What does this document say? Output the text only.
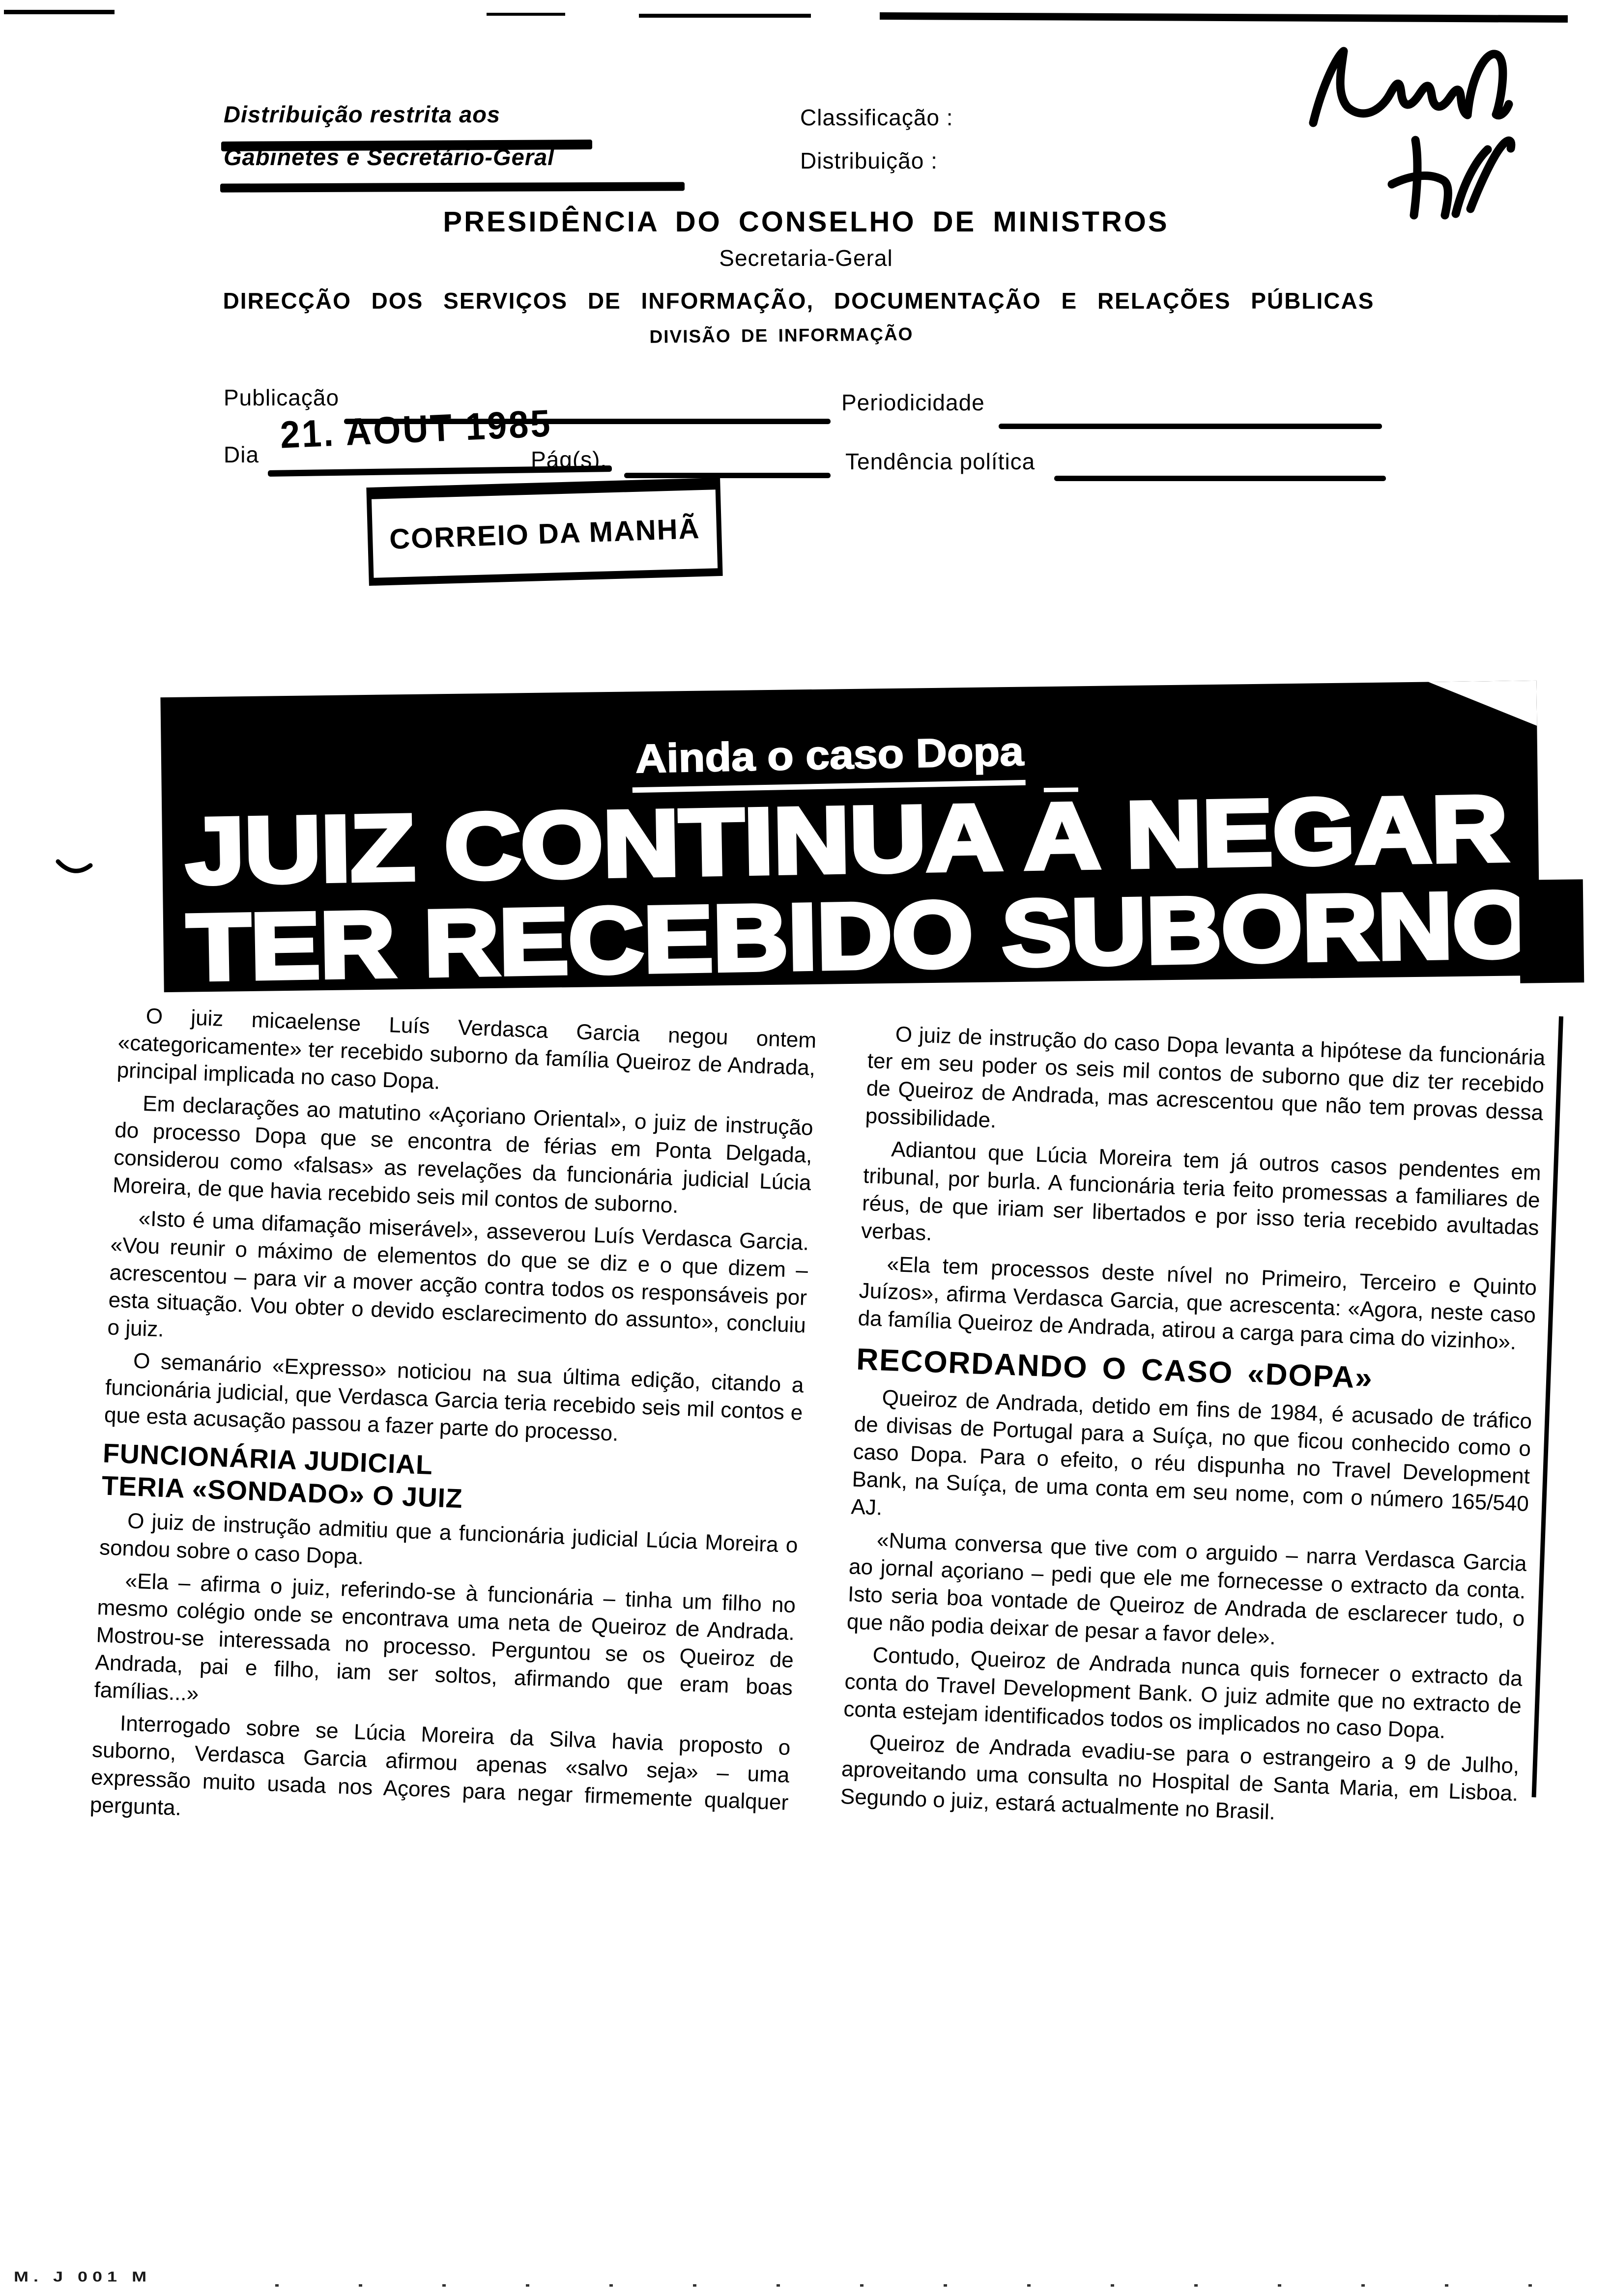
Distribuição restrita aos
Gabinetes e Secretário-Geral
Classificação :
Distribuição :
PRESIDÊNCIA DO CONSELHO DE MINISTROS
Secretaria-Geral
DIRECÇÃO DOS SERVIÇOS DE INFORMAÇÃO, DOCUMENTAÇÃO E RELAÇÕES PÚBLICAS
DIVISÃO DE INFORMAÇÃO
CORREIO DA MANHÃ
Publicação	Periodicidade
Dia 21. AOUT 1985
Pág(s).	Tendência política
Ainda o caso Dopa
JUIZ CONTINUA A NEGAR
TER RECEBIDO SUBORNO

O juiz micaelense Luís Verdasca Garcia negou ontem «categoricamente» ter recebido suborno da família Queiroz de Andrada, principal implicada no caso Dopa.

Em declarações ao matutino «Açoriano Oriental», o juiz de instrução do processo Dopa que se encontra de férias em Ponta Delgada, considerou como «falsas» as revelações da funcionária judicial Lúcia Moreira, de que havia recebido seis mil contos de suborno.

«Isto é uma difamação miserável», asseverou Luís Verdasca Garcia. «Vou reunir o máximo de elementos do que se diz e o que dizem – acrescentou – para vir a mover acção contra todos os responsáveis por esta situação. Vou obter o devido esclarecimento do assunto», concluiu o juiz.

O semanário «Expresso» noticiou na sua última edição, citando a funcionária judicial, que Verdasca Garcia teria recebido seis mil contos e que esta acusação passou a fazer parte do processo.

FUNCIONÁRIA JUDICIAL
TERIA «SONDADO» O JUIZ

O juiz de instrução admitiu que a funcionária judicial Lúcia Moreira o sondou sobre o caso Dopa.

«Ela – afirma o juiz, referindo-se à funcionária – tinha um filho no mesmo colégio onde se encontrava uma neta de Queiroz de Andrada. Mostrou-se interessada no processo. Perguntou se os Queiroz de Andrada, pai e filho, iam ser soltos, afirmando que eram boas famílias...»

Interrogado sobre se Lúcia Moreira da Silva havia proposto o suborno, Verdasca Garcia afirmou apenas «salvo seja» – uma expressão muito usada nos Açores para negar firmemente qualquer pergunta.

O juiz de instrução do caso Dopa levanta a hipótese da funcionária ter em seu poder os seis mil contos de suborno que diz ter recebido de Queiroz de Andrada, mas acrescentou que não tem provas dessa possibilidade.

Adiantou que Lúcia Moreira tem já outros casos pendentes em tribunal, por burla. A funcionária teria feito promessas a familiares de réus, de que iriam ser libertados e por isso teria recebido avultadas verbas.

«Ela tem processos deste nível no Primeiro, Terceiro e Quinto Juízos», afirma Verdasca Garcia, que acrescenta: «Agora, neste caso da família Queiroz de Andrada, atirou a carga para cima do vizinho».

RECORDANDO O CASO «DOPA»

Queiroz de Andrada, detido em fins de 1984, é acusado de tráfico de divisas de Portugal para a Suíça, no que ficou conhecido como o caso Dopa. Para o efeito, o réu dispunha no Travel Development Bank, na Suíça, de uma conta em seu nome, com o número 165/540 AJ.

«Numa conversa que tive com o arguido – narra Verdasca Garcia ao jornal açoriano – pedi que ele me fornecesse o extracto da conta. Isto seria boa vontade de Queiroz de Andrada de esclarecer tudo, o que não podia deixar de pesar a favor dele».

Contudo, Queiroz de Andrada nunca quis fornecer o extracto da conta do Travel Development Bank. O juiz admite que no extracto de conta estejam identificados todos os implicados no caso Dopa.

Queiroz de Andrada evadiu-se para o estrangeiro a 9 de Julho, aproveitando uma consulta no Hospital de Santa Maria, em Lisboa. Segundo o juiz, estará actualmente no Brasil.

M. J 001 M
